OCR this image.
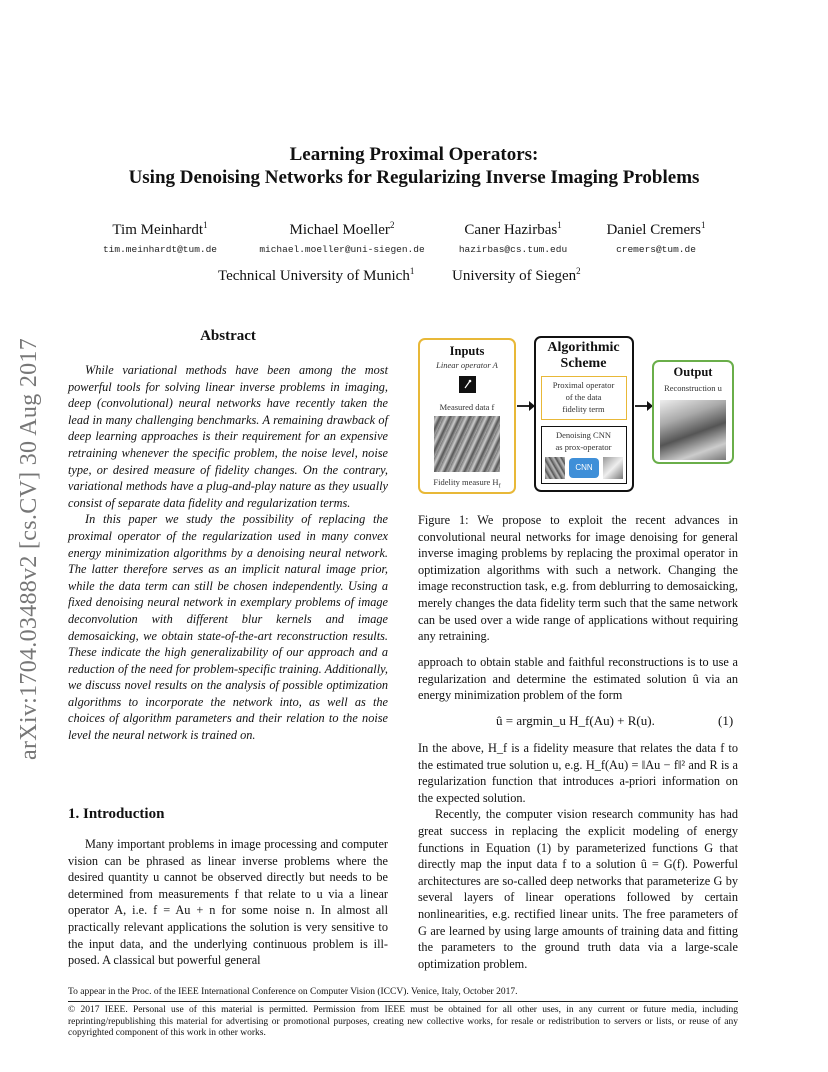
Learning Proximal Operators:
Using Denoising Networks for Regularizing Inverse Imaging Problems
Tim Meinhardt$^1$
tim.meinhardt@tum.de
Michael Moeller$^2$
michael.moeller@uni-siegen.de
Caner Hazirbas$^1$
hazirbas@cs.tum.edu
Daniel Cremers$^1$
cremers@tum.de
Technical University of Munich$^1$	University of Siegen$^2$
arXiv:1704.03488v2 [cs.CV] 30 Aug 2017
Abstract

While variational methods have been among the most powerful tools for solving linear inverse problems in imaging, deep (convolutional) neural networks have recently taken the lead in many challenging benchmarks. A remaining drawback of deep learning approaches is their requirement for an expensive retraining whenever the specific problem, the noise level, noise type, or desired measure of fidelity changes. On the contrary, variational methods have a plug-and-play nature as they usually consist of separate data fidelity and regularization terms.

In this paper we study the possibility of replacing the proximal operator of the regularization used in many convex energy minimization algorithms by a denoising neural network. The latter therefore serves as an implicit natural image prior, while the data term can still be chosen independently. Using a fixed denoising neural network in exemplary problems of image deconvolution with different blur kernels and image demosaicking, we obtain state-of-the-art reconstruction results. These indicate the high generalizability of our approach and a reduction of the need for problem-specific training. Additionally, we discuss novel results on the analysis of possible optimization algorithms to incorporate the network into, as well as the choices of algorithm parameters and their relation to the noise level the neural network is trained on.

1. Introduction

Many important problems in image processing and computer vision can be phrased as linear inverse problems where the desired quantity u cannot be observed directly but needs to be determined from measurements f that relate to u via a linear operator A, i.e. f = Au + n for some noise n. In almost all practically relevant applications the solution is very sensitive to the input data, and the underlying continuous problem is ill-posed. A classical but powerful general

Inputs
Linear operator A
Measured data f
Fidelity measure $H_f$
Algorithmic
Scheme
Proximal operator
of the data
fidelity term
Denoising CNN
as prox-operator
CNN
Output
Reconstruction u
Figure 1: We propose to exploit the recent advances in convolutional neural networks for image denoising for general inverse imaging problems by replacing the proximal operator in optimization algorithms with such a network. Changing the image reconstruction task, e.g. from deblurring to demosaicking, merely changes the data fidelity term such that the same network can be used over a wide range of applications without requiring any retraining.
approach to obtain stable and faithful reconstructions is to use a regularization and determine the estimated solution û via an energy minimization problem of the form
û = argmin_u H_f(Au) + R(u).	(1)

In the above, H_f is a fidelity measure that relates the data f to the estimated true solution u, e.g. H_f(Au) = ‖Au − f‖² and R is a regularization function that introduces a-priori information on the expected solution.

Recently, the computer vision research community has had great success in replacing the explicit modeling of energy functions in Equation (1) by parameterized functions G that directly map the input data f to a solution û = G(f). Powerful architectures are so-called deep networks that parameterize G by several layers of linear operations followed by certain nonlinearities, e.g. rectified linear units. The free parameters of G are learned by using large amounts of training data and fitting the parameters to the ground truth data via a large-scale optimization problem.

To appear in the Proc. of the IEEE International Conference on Computer Vision (ICCV). Venice, Italy, October 2017.
© 2017 IEEE. Personal use of this material is permitted. Permission from IEEE must be obtained for all other uses, in any current or future media, including reprinting/republishing this material for advertising or promotional purposes, creating new collective works, for resale or redistribution to servers or lists, or reuse of any copyrighted component of this work in other works.
